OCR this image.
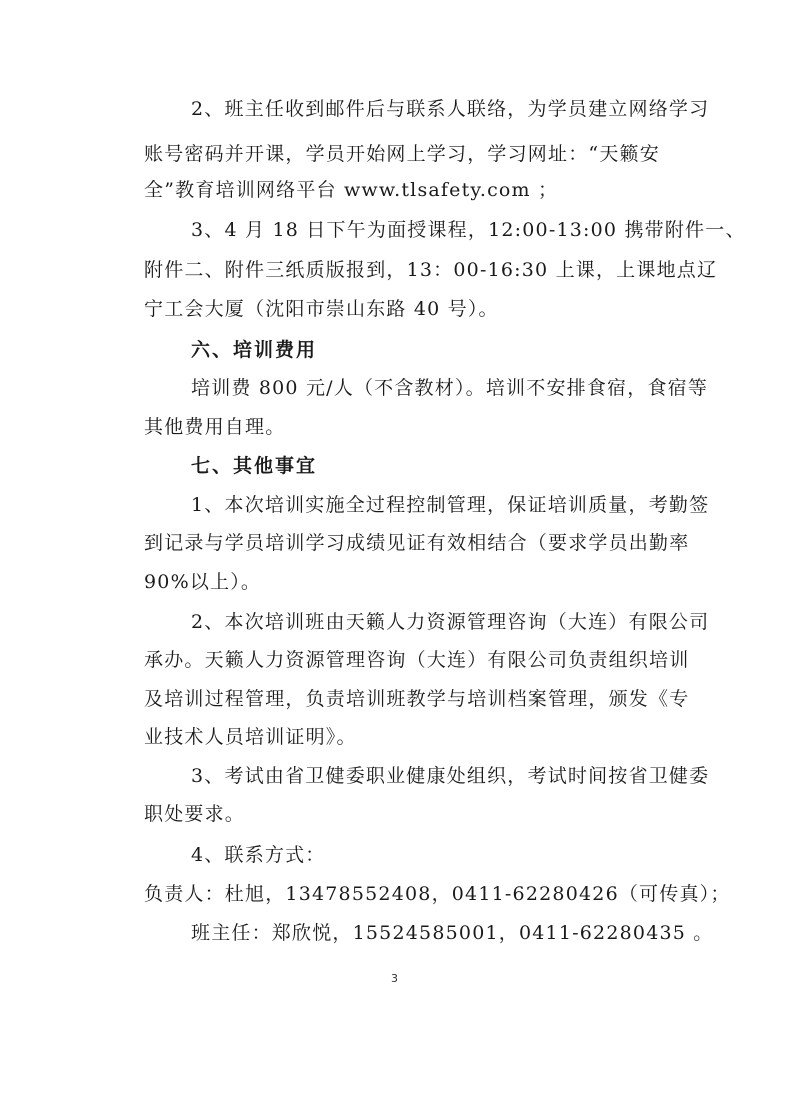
2、班主任收到邮件后与联系人联络，为学员建立网络学习
账号密码并开课，学员开始网上学习，学习网址：“天籁安
全”教育培训网络平台 www.tlsafety.com ；
3、4 月 18 日下午为面授课程，12:00-13:00 携带附件一、
附件二、附件三纸质版报到，13：00-16:30 上课，上课地点辽
宁工会大厦（沈阳市崇山东路 40 号）。
六、培训费用
培训费 800 元/人（不含教材）。培训不安排食宿，食宿等
其他费用自理。
七、其他事宜
1、本次培训实施全过程控制管理，保证培训质量，考勤签
到记录与学员培训学习成绩见证有效相结合（要求学员出勤率
90%以上）。
2、本次培训班由天籁人力资源管理咨询（大连）有限公司
承办。天籁人力资源管理咨询（大连）有限公司负责组织培训
及培训过程管理，负责培训班教学与培训档案管理，颁发《专
业技术人员培训证明》。
3、考试由省卫健委职业健康处组织，考试时间按省卫健委
职处要求。
4、联系方式：
负责人：杜旭，13478552408，0411-62280426（可传真）；
班主任：郑欣悦，15524585001，0411-62280435 。
3
